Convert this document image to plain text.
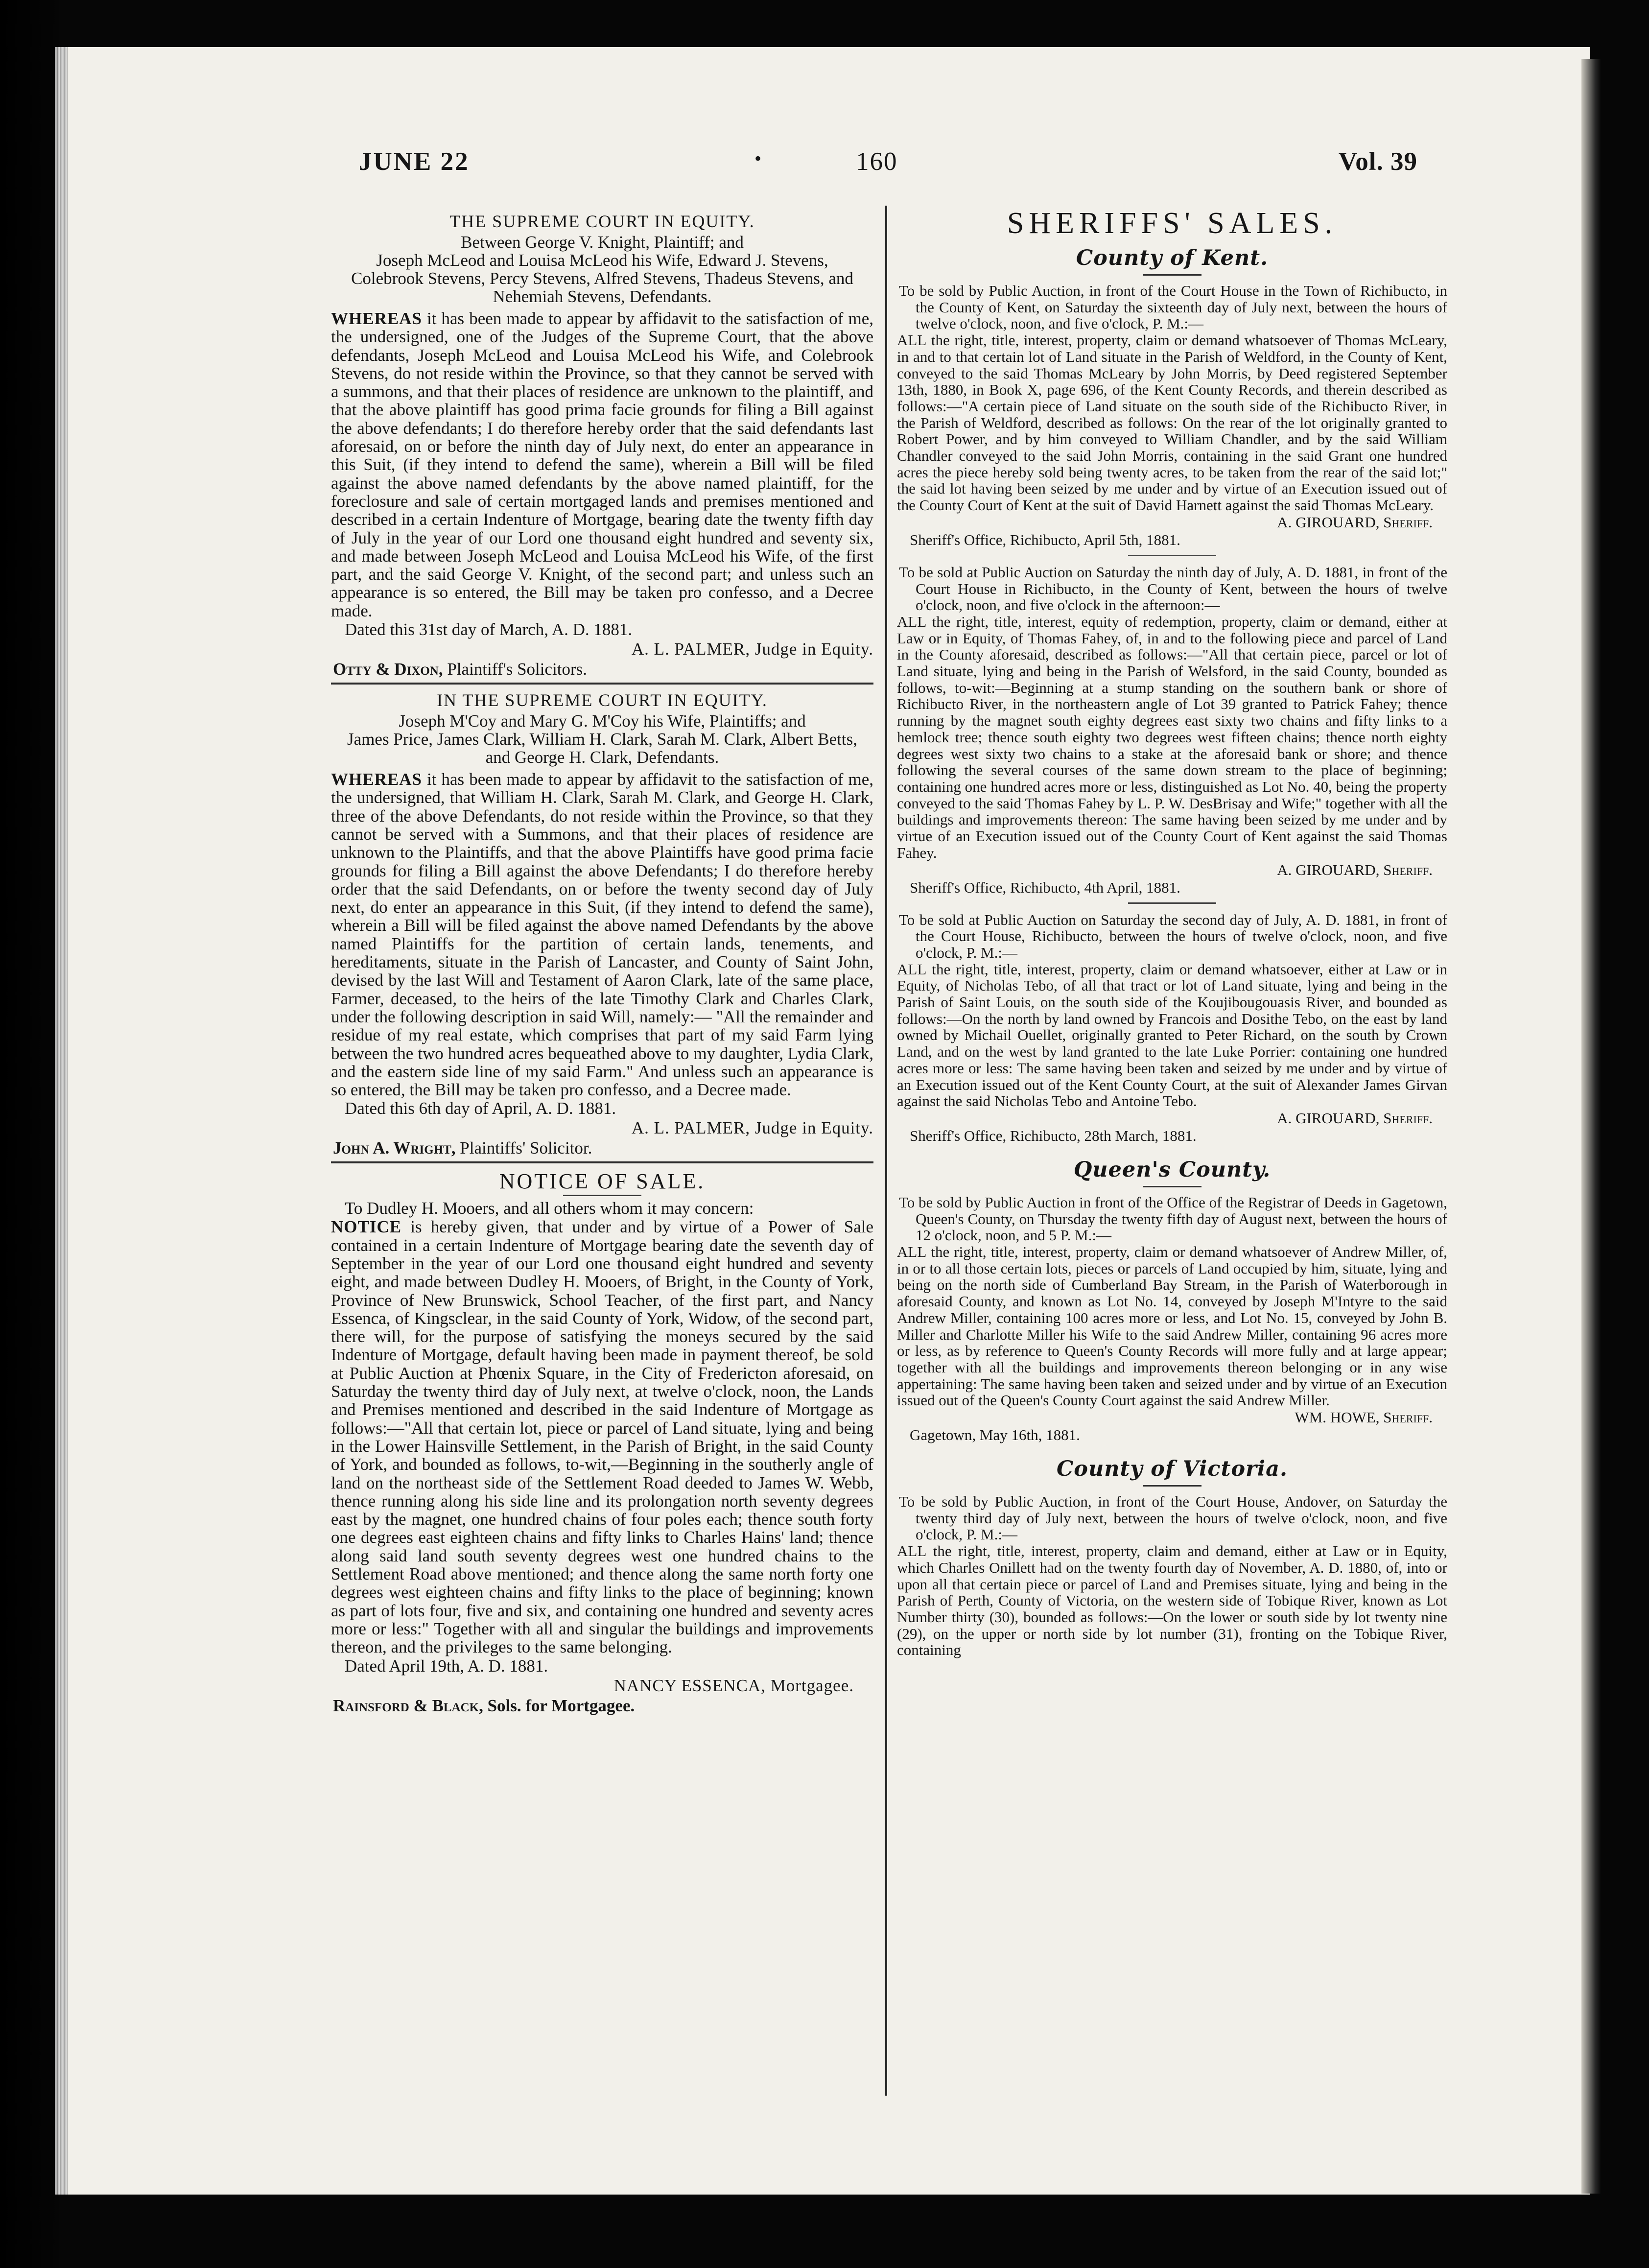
JUNE 22	•	160	Vol. 39
THE SUPREME COURT IN EQUITY.
Between George V. Knight, Plaintiff; and
Joseph McLeod and Louisa McLeod his Wife, Edward J. Stevens, Colebrook Stevens, Percy Stevens, Alfred Stevens, Thadeus Stevens, and Nehemiah Stevens, Defendants.

WHEREAS it has been made to appear by affidavit to the satisfaction of me, the undersigned, one of the Judges of the Supreme Court, that the above defendants, Joseph McLeod and Louisa McLeod his Wife, and Colebrook Stevens, do not reside within the Province, so that they cannot be served with a summons, and that their places of residence are unknown to the plaintiff, and that the above plaintiff has good prima facie grounds for filing a Bill against the above defendants; I do therefore hereby order that the said defendants last aforesaid, on or before the ninth day of July next, do enter an appearance in this Suit, (if they intend to defend the same), wherein a Bill will be filed against the above named defendants by the above named plaintiff, for the foreclosure and sale of certain mortgaged lands and premises mentioned and described in a certain Indenture of Mortgage, bearing date the twenty fifth day of July in the year of our Lord one thousand eight hundred and seventy six, and made between Joseph McLeod and Louisa McLeod his Wife, of the first part, and the said George V. Knight, of the second part; and unless such an appearance is so entered, the Bill may be taken pro confesso, and a Decree made.

Dated this 31st day of March, A. D. 1881.
A. L. PALMER, Judge in Equity.
Otty & Dixon, Plaintiff's Solicitors.
IN THE SUPREME COURT IN EQUITY.
Joseph M'Coy and Mary G. M'Coy his Wife, Plaintiffs; and
James Price, James Clark, William H. Clark, Sarah M. Clark, Albert Betts, and George H. Clark, Defendants.

WHEREAS it has been made to appear by affidavit to the satisfaction of me, the undersigned, that William H. Clark, Sarah M. Clark, and George H. Clark, three of the above Defendants, do not reside within the Province, so that they cannot be served with a Summons, and that their places of residence are unknown to the Plaintiffs, and that the above Plaintiffs have good prima facie grounds for filing a Bill against the above Defendants; I do therefore hereby order that the said Defendants, on or before the twenty second day of July next, do enter an appearance in this Suit, (if they intend to defend the same), wherein a Bill will be filed against the above named Defendants by the above named Plaintiffs for the partition of certain lands, tenements, and hereditaments, situate in the Parish of Lancaster, and County of Saint John, devised by the last Will and Testament of Aaron Clark, late of the same place, Farmer, deceased, to the heirs of the late Timothy Clark and Charles Clark, under the following description in said Will, namely:— "All the remainder and residue of my real estate, which comprises that part of my said Farm lying between the two hundred acres bequeathed above to my daughter, Lydia Clark, and the eastern side line of my said Farm." And unless such an appearance is so entered, the Bill may be taken pro confesso, and a Decree made.

Dated this 6th day of April, A. D. 1881.
A. L. PALMER, Judge in Equity.
John A. Wright, Plaintiffs' Solicitor.
NOTICE OF SALE.
To Dudley H. Mooers, and all others whom it may concern:

NOTICE is hereby given, that under and by virtue of a Power of Sale contained in a certain Indenture of Mortgage bearing date the seventh day of September in the year of our Lord one thousand eight hundred and seventy eight, and made between Dudley H. Mooers, of Bright, in the County of York, Province of New Brunswick, School Teacher, of the first part, and Nancy Essenca, of Kingsclear, in the said County of York, Widow, of the second part, there will, for the purpose of satisfying the moneys secured by the said Indenture of Mortgage, default having been made in payment thereof, be sold at Public Auction at Phœnix Square, in the City of Fredericton aforesaid, on Saturday the twenty third day of July next, at twelve o'clock, noon, the Lands and Premises mentioned and described in the said Indenture of Mortgage as follows:—"All that certain lot, piece or parcel of Land situate, lying and being in the Lower Hainsville Settlement, in the Parish of Bright, in the said County of York, and bounded as follows, to-wit,—Beginning in the southerly angle of land on the northeast side of the Settlement Road deeded to James W. Webb, thence running along his side line and its prolongation north seventy degrees east by the magnet, one hundred chains of four poles each; thence south forty one degrees east eighteen chains and fifty links to Charles Hains' land; thence along said land south seventy degrees west one hundred chains to the Settlement Road above mentioned; and thence along the same north forty one degrees west eighteen chains and fifty links to the place of beginning; known as part of lots four, five and six, and containing one hundred and seventy acres more or less:" Together with all and singular the buildings and improvements thereon, and the privileges to the same belonging.

Dated April 19th, A. D. 1881.
NANCY ESSENCA, Mortgagee.
Rainsford & Black, Sols. for Mortgagee.
SHERIFFS' SALES.
County of Kent.

To be sold by Public Auction, in front of the Court House in the Town of Richibucto, in the County of Kent, on Saturday the sixteenth day of July next, between the hours of twelve o'clock, noon, and five o'clock, P. M.:—

ALL the right, title, interest, property, claim or demand whatsoever of Thomas McLeary, in and to that certain lot of Land situate in the Parish of Weldford, in the County of Kent, conveyed to the said Thomas McLeary by John Morris, by Deed registered September 13th, 1880, in Book X, page 696, of the Kent County Records, and therein described as follows:—"A certain piece of Land situate on the south side of the Richibucto River, in the Parish of Weldford, described as follows: On the rear of the lot originally granted to Robert Power, and by him conveyed to William Chandler, and by the said William Chandler conveyed to the said John Morris, containing in the said Grant one hundred acres the piece hereby sold being twenty acres, to be taken from the rear of the said lot;" the said lot having been seized by me under and by virtue of an Execution issued out of the County Court of Kent at the suit of David Harnett against the said Thomas McLeary.

A. GIROUARD, Sheriff.
Sheriff's Office, Richibucto, April 5th, 1881.

To be sold at Public Auction on Saturday the ninth day of July, A. D. 1881, in front of the Court House in Richibucto, in the County of Kent, between the hours of twelve o'clock, noon, and five o'clock in the afternoon:—

ALL the right, title, interest, equity of redemption, property, claim or demand, either at Law or in Equity, of Thomas Fahey, of, in and to the following piece and parcel of Land in the County aforesaid, described as follows:—"All that certain piece, parcel or lot of Land situate, lying and being in the Parish of Welsford, in the said County, bounded as follows, to-wit:—Beginning at a stump standing on the southern bank or shore of Richibucto River, in the northeastern angle of Lot 39 granted to Patrick Fahey; thence running by the magnet south eighty degrees east sixty two chains and fifty links to a hemlock tree; thence south eighty two degrees west fifteen chains; thence north eighty degrees west sixty two chains to a stake at the aforesaid bank or shore; and thence following the several courses of the same down stream to the place of beginning; containing one hundred acres more or less, distinguished as Lot No. 40, being the property conveyed to the said Thomas Fahey by L. P. W. DesBrisay and Wife;" together with all the buildings and improvements thereon: The same having been seized by me under and by virtue of an Execution issued out of the County Court of Kent against the said Thomas Fahey.

A. GIROUARD, Sheriff.
Sheriff's Office, Richibucto, 4th April, 1881.

To be sold at Public Auction on Saturday the second day of July, A. D. 1881, in front of the Court House, Richibucto, between the hours of twelve o'clock, noon, and five o'clock, P. M.:—

ALL the right, title, interest, property, claim or demand whatsoever, either at Law or in Equity, of Nicholas Tebo, of all that tract or lot of Land situate, lying and being in the Parish of Saint Louis, on the south side of the Koujibougouasis River, and bounded as follows:—On the north by land owned by Francois and Dosithe Tebo, on the east by land owned by Michail Ouellet, originally granted to Peter Richard, on the south by Crown Land, and on the west by land granted to the late Luke Porrier: containing one hundred acres more or less: The same having been taken and seized by me under and by virtue of an Execution issued out of the Kent County Court, at the suit of Alexander James Girvan against the said Nicholas Tebo and Antoine Tebo.

A. GIROUARD, Sheriff.
Sheriff's Office, Richibucto, 28th March, 1881.
Queen's County.

To be sold by Public Auction in front of the Office of the Registrar of Deeds in Gagetown, Queen's County, on Thursday the twenty fifth day of August next, between the hours of 12 o'clock, noon, and 5 P. M.:—

ALL the right, title, interest, property, claim or demand whatsoever of Andrew Miller, of, in or to all those certain lots, pieces or parcels of Land occupied by him, situate, lying and being on the north side of Cumberland Bay Stream, in the Parish of Waterborough in aforesaid County, and known as Lot No. 14, conveyed by Joseph M'Intyre to the said Andrew Miller, containing 100 acres more or less, and Lot No. 15, conveyed by John B. Miller and Charlotte Miller his Wife to the said Andrew Miller, containing 96 acres more or less, as by reference to Queen's County Records will more fully and at large appear; together with all the buildings and improvements thereon belonging or in any wise appertaining: The same having been taken and seized under and by virtue of an Execution issued out of the Queen's County Court against the said Andrew Miller.

WM. HOWE, Sheriff.
Gagetown, May 16th, 1881.
County of Victoria.

To be sold by Public Auction, in front of the Court House, Andover, on Saturday the twenty third day of July next, between the hours of twelve o'clock, noon, and five o'clock, P. M.:—

ALL the right, title, interest, property, claim and demand, either at Law or in Equity, which Charles Onillett had on the twenty fourth day of November, A. D. 1880, of, into or upon all that certain piece or parcel of Land and Premises situate, lying and being in the Parish of Perth, County of Victoria, on the western side of Tobique River, known as Lot Number thirty (30), bounded as follows:—On the lower or south side by lot twenty nine (29), on the upper or north side by lot number (31), fronting on the Tobique River, containing
